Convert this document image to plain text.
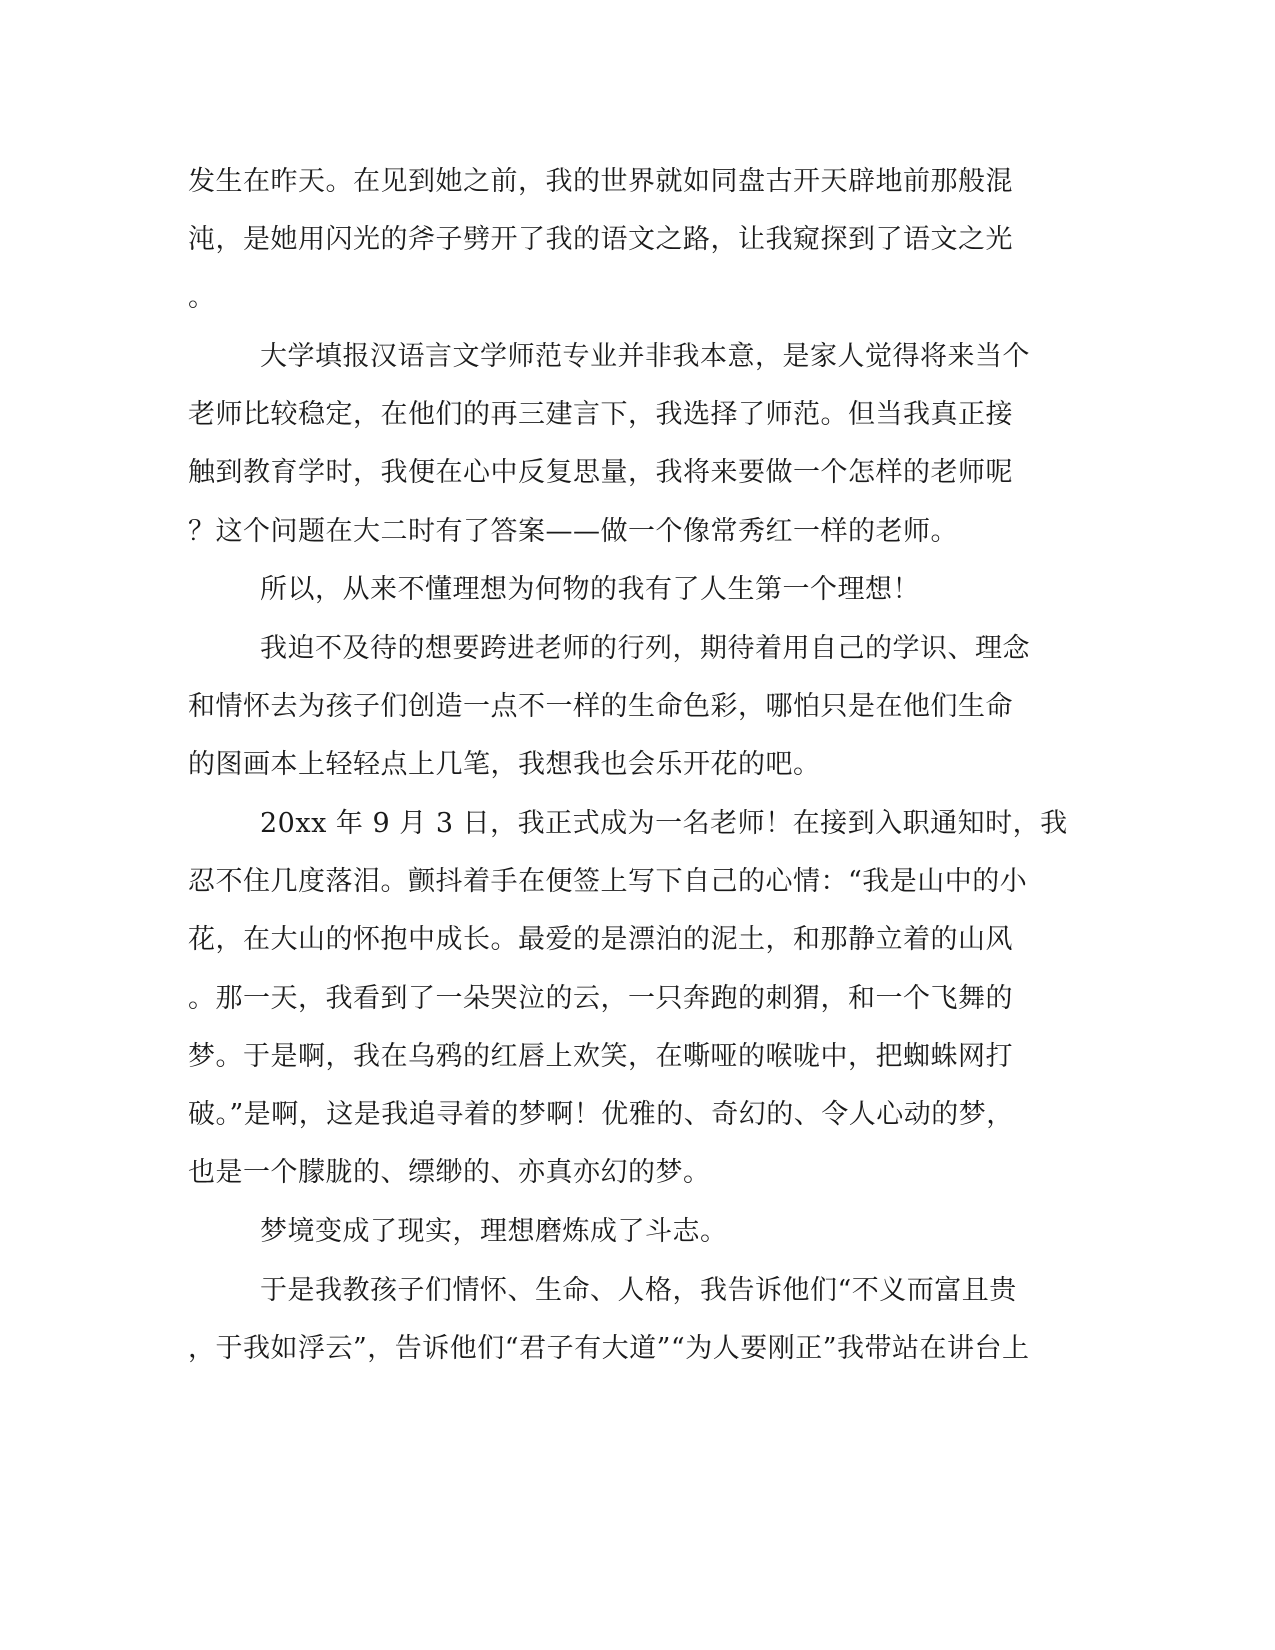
发生在昨天。在见到她之前，我的世界就如同盘古开天辟地前那般混
沌，是她用闪光的斧子劈开了我的语文之路，让我窥探到了语文之光
。
大学填报汉语言文学师范专业并非我本意，是家人觉得将来当个
老师比较稳定，在他们的再三建言下，我选择了师范。但当我真正接
触到教育学时，我便在心中反复思量，我将来要做一个怎样的老师呢
？这个问题在大二时有了答案——做一个像常秀红一样的老师。
所以，从来不懂理想为何物的我有了人生第一个理想！
我迫不及待的想要跨进老师的行列，期待着用自己的学识、理念
和情怀去为孩子们创造一点不一样的生命色彩，哪怕只是在他们生命
的图画本上轻轻点上几笔，我想我也会乐开花的吧。
20xx 年 9 月 3 日，我正式成为一名老师！在接到入职通知时，我
忍不住几度落泪。颤抖着手在便签上写下自己的心情：“我是山中的小
花，在大山的怀抱中成长。最爱的是漂泊的泥土，和那静立着的山风
。那一天，我看到了一朵哭泣的云，一只奔跑的刺猬，和一个飞舞的
梦。于是啊，我在乌鸦的红唇上欢笑，在嘶哑的喉咙中，把蜘蛛网打
破。”是啊，这是我追寻着的梦啊！优雅的、奇幻的、令人心动的梦，
也是一个朦胧的、缥缈的、亦真亦幻的梦。
梦境变成了现实，理想磨炼成了斗志。
于是我教孩子们情怀、生命、人格，我告诉他们“不义而富且贵
，于我如浮云”，告诉他们“君子有大道”“为人要刚正”我带站在讲台上
